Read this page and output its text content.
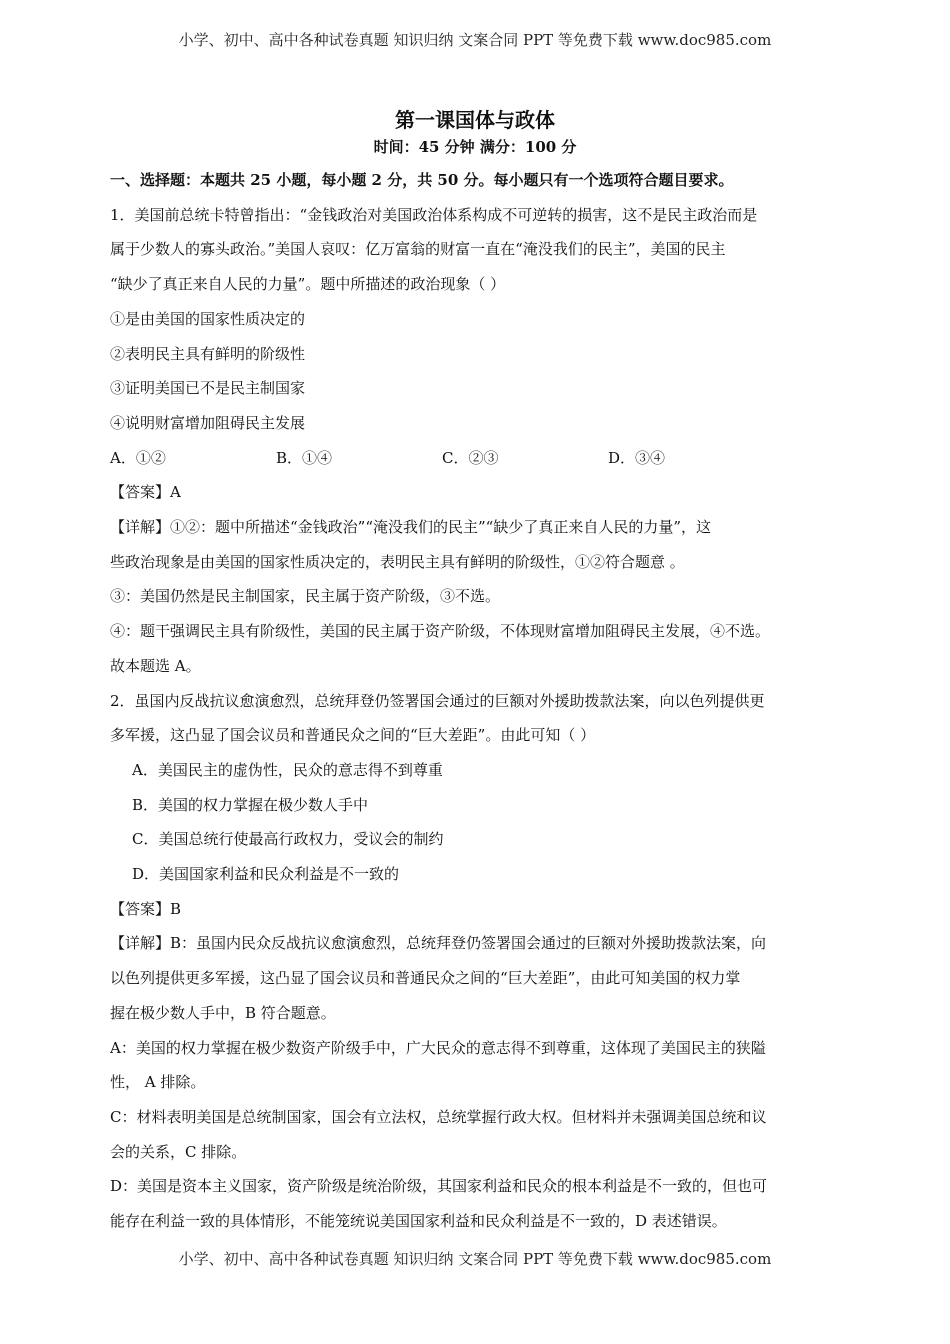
小学、初中、高中各种试卷真题 知识归纳 文案合同 PPT 等免费下载 www.doc985.com
第一课国体与政体
时间：45 分钟 满分：100 分
一、选择题：本题共 25 小题，每小题 2 分，共 50 分。每小题只有一个选项符合题目要求。
1．美国前总统卡特曾指出：“金钱政治对美国政治体系构成不可逆转的损害，这不是民主政治而是
属于少数人的寡头政治。”美国人哀叹：亿万富翁的财富一直在“淹没我们的民主”，美国的民主
“缺少了真正来自人民的力量”。题中所描述的政治现象（ ）
①是由美国的国家性质决定的
②表明民主具有鲜明的阶级性
③证明美国已不是民主制国家
④说明财富增加阻碍民主发展
A．①②	B．①④	C．②③	D．③④
【答案】A
【详解】①②：题中所描述“金钱政治”“淹没我们的民主”“缺少了真正来自人民的力量”，这
些政治现象是由美国的国家性质决定的，表明民主具有鲜明的阶级性，①②符合题意 。
③：美国仍然是民主制国家，民主属于资产阶级，③不选。
④：题干强调民主具有阶级性，美国的民主属于资产阶级，不体现财富增加阻碍民主发展，④不选。
故本题选 A。
2．虽国内反战抗议愈演愈烈，总统拜登仍签署国会通过的巨额对外援助拨款法案，向以色列提供更
多军援，这凸显了国会议员和普通民众之间的“巨大差距”。由此可知（ ）
A．美国民主的虚伪性，民众的意志得不到尊重
B．美国的权力掌握在极少数人手中
C．美国总统行使最高行政权力，受议会的制约
D．美国国家利益和民众利益是不一致的
【答案】B
【详解】B：虽国内民众反战抗议愈演愈烈，总统拜登仍签署国会通过的巨额对外援助拨款法案，向
以色列提供更多军援，这凸显了国会议员和普通民众之间的“巨大差距”，由此可知美国的权力掌
握在极少数人手中，B 符合题意。
A：美国的权力掌握在极少数资产阶级手中，广大民众的意志得不到尊重，这体现了美国民主的狭隘
性， A 排除。
C：材料表明美国是总统制国家，国会有立法权，总统掌握行政大权。但材料并未强调美国总统和议
会的关系，C 排除。
D：美国是资本主义国家，资产阶级是统治阶级，其国家利益和民众的根本利益是不一致的，但也可
能存在利益一致的具体情形，不能笼统说美国国家利益和民众利益是不一致的，D 表述错误。
小学、初中、高中各种试卷真题 知识归纳 文案合同 PPT 等免费下载 www.doc985.com
